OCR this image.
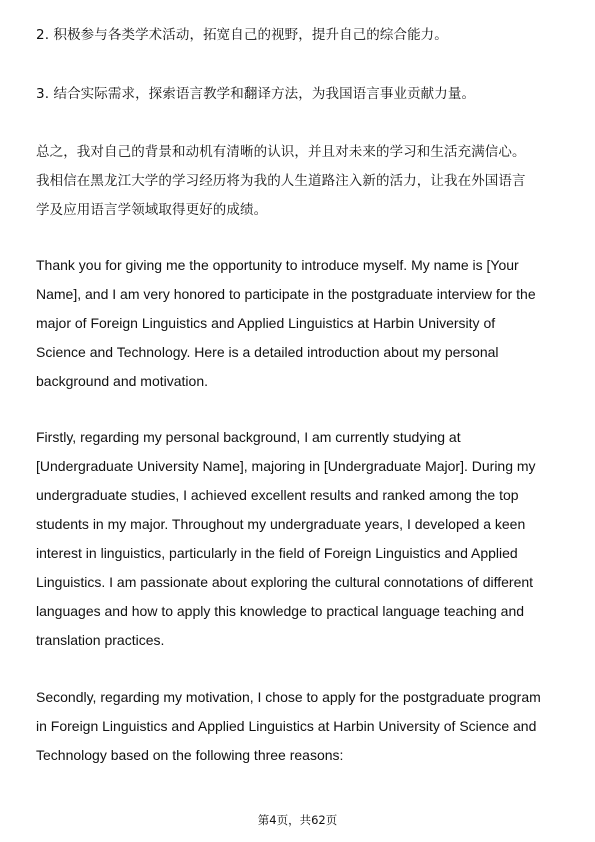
2. 积极参与各类学术活动，拓宽自己的视野，提升自己的综合能力。

3. 结合实际需求，探索语言教学和翻译方法，为我国语言事业贡献力量。

总之，我对自己的背景和动机有清晰的认识，并且对未来的学习和生活充满信心。
我相信在黑龙江大学的学习经历将为我的人生道路注入新的活力，让我在外国语言
学及应用语言学领域取得更好的成绩。

Thank you for giving me the opportunity to introduce myself. My name is [Your
Name], and I am very honored to participate in the postgraduate interview for the
major of Foreign Linguistics and Applied Linguistics at Harbin University of
Science and Technology. Here is a detailed introduction about my personal
background and motivation.

Firstly, regarding my personal background, I am currently studying at
[Undergraduate University Name], majoring in [Undergraduate Major]. During my
undergraduate studies, I achieved excellent results and ranked among the top
students in my major. Throughout my undergraduate years, I developed a keen
interest in linguistics, particularly in the field of Foreign Linguistics and Applied
Linguistics. I am passionate about exploring the cultural connotations of different
languages and how to apply this knowledge to practical language teaching and
translation practices.

Secondly, regarding my motivation, I chose to apply for the postgraduate program
in Foreign Linguistics and Applied Linguistics at Harbin University of Science and
Technology based on the following three reasons:

第4页，共62页
